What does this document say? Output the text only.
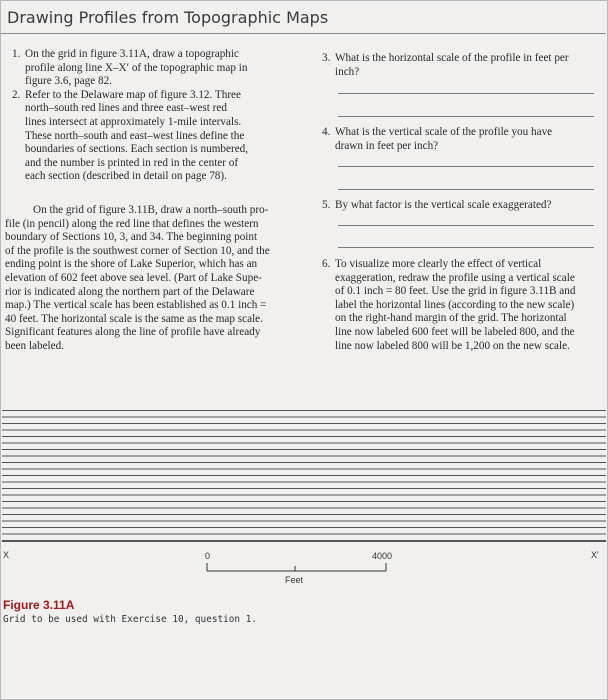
Drawing Profiles from Topographic Maps
1. On the grid in figure 3.11A, draw a topographic
profile along line X–X′ of the topographic map in
figure 3.6, page 82.
2. Refer to the Delaware map of figure 3.12. Three
north–south red lines and three east–west red
lines intersect at approximately 1-mile intervals.
These north–south and east–west lines define the
boundaries of sections. Each section is numbered,
and the number is printed in red in the center of
each section (described in detail on page 78).
On the grid of figure 3.11B, draw a north–south pro-
file (in pencil) along the red line that defines the western
boundary of Sections 10, 3, and 34. The beginning point
of the profile is the southwest corner of Section 10, and the
ending point is the shore of Lake Superior, which has an
elevation of 602 feet above sea level. (Part of Lake Supe-
rior is indicated along the northern part of the Delaware
map.) The vertical scale has been established as 0.1 inch =
40 feet. The horizontal scale is the same as the map scale.
Significant features along the line of profile have already
been labeled.
3. What is the horizontal scale of the profile in feet per
inch?
4. What is the vertical scale of the profile you have
drawn in feet per inch?
5. By what factor is the vertical scale exaggerated?
6. To visualize more clearly the effect of vertical
exaggeration, redraw the profile using a vertical scale
of 0.1 inch = 80 feet. Use the grid in figure 3.11B and
label the horizontal lines (according to the new scale)
on the right-hand margin of the grid. The horizontal
line now labeled 600 feet will be labeled 800, and the
line now labeled 800 will be 1,200 on the new scale.
X	X′
0	4000
Feet
Figure 3.11A
Grid to be used with Exercise 10, question 1.
